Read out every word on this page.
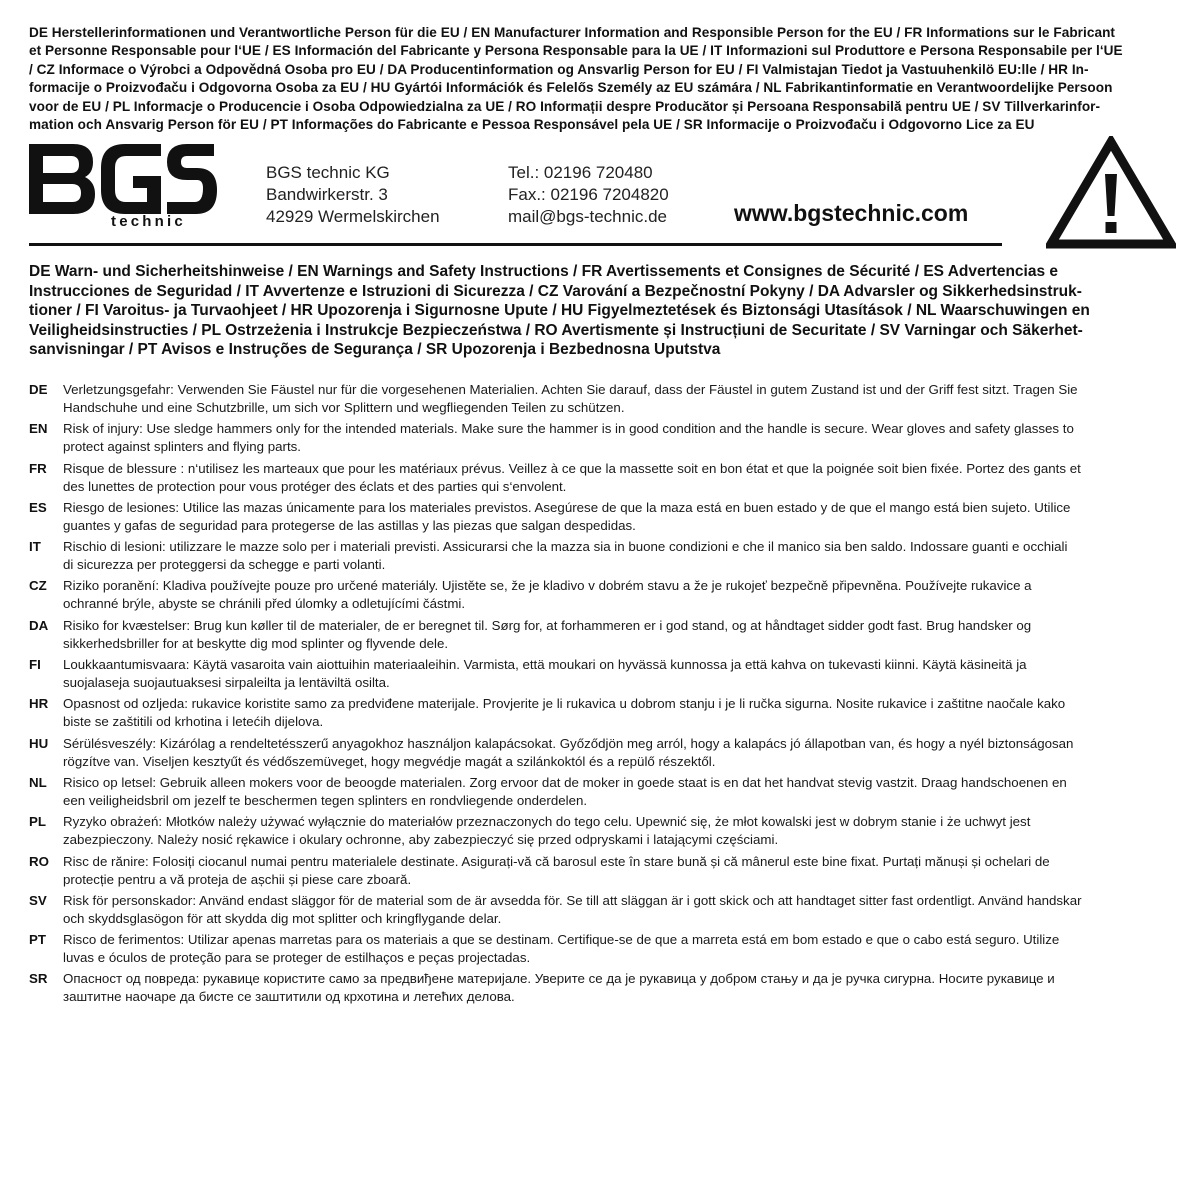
DE Herstellerinformationen und Verantwortliche Person für die EU / EN Manufacturer Information and Responsible Person for the EU / FR Informations sur le Fabricant
et Personne Responsable pour l‘UE / ES Información del Fabricante y Persona Responsable para la UE / IT Informazioni sul Produttore e Persona Responsabile per l‘UE
/ CZ Informace o Výrobci a Odpovědná Osoba pro EU / DA Producentinformation og Ansvarlig Person for EU / FI Valmistajan Tiedot ja Vastuuhenkilö EU:lle / HR In-
formacije o Proizvođaču i Odgovorna Osoba za EU / HU Gyártói Információk és Felelős Személy az EU számára / NL Fabrikantinformatie en Verantwoordelijke Persoon
voor de EU / PL Informacje o Producencie i Osoba Odpowiedzialna za UE / RO Informații despre Producător și Persoana Responsabilă pentru UE / SV Tillverkarinfor-
mation och Ansvarig Person för EU / PT Informações do Fabricante e Pessoa Responsável pela UE / SR Informacije o Proizvođaču i Odgovorno Lice za EU
technic
®
BGS technic KG
Bandwirkerstr. 3
42929 Wermelskirchen
Tel.: 02196 720480
Fax.: 02196 7204820
mail@bgs-technic.de	www.bgstechnic.com
DE Warn- und Sicherheitshinweise / EN Warnings and Safety Instructions / FR Avertissements et Consignes de Sécurité / ES Advertencias e
Instrucciones de Seguridad / IT Avvertenze e Istruzioni di Sicurezza / CZ Varování a Bezpečnostní Pokyny / DA Advarsler og Sikkerhedsinstruk-
tioner / FI Varoitus- ja Turvaohjeet / HR Upozorenja i Sigurnosne Upute / HU Figyelmeztetések és Biztonsági Utasítások / NL Waarschuwingen en
Veiligheidsinstructies / PL Ostrzeżenia i Instrukcje Bezpieczeństwa / RO Avertismente și Instrucțiuni de Securitate / SV Varningar och Säkerhet-
sanvisningar / PT Avisos e Instruções de Segurança / SR Upozorenja i Bezbednosna Uputstva
DE	Verletzungsgefahr: Verwenden Sie Fäustel nur für die vorgesehenen Materialien. Achten Sie darauf, dass der Fäustel in gutem Zustand ist und der Griff fest sitzt. Tragen Sie
Handschuhe und eine Schutzbrille, um sich vor Splittern und wegfliegenden Teilen zu schützen.
EN	Risk of injury: Use sledge hammers only for the intended materials. Make sure the hammer is in good condition and the handle is secure. Wear gloves and safety glasses to
protect against splinters and flying parts.
FR	Risque de blessure : n‘utilisez les marteaux que pour les matériaux prévus. Veillez à ce que la massette soit en bon état et que la poignée soit bien fixée. Portez des gants et
des lunettes de protection pour vous protéger des éclats et des parties qui s‘envolent.
ES	Riesgo de lesiones: Utilice las mazas únicamente para los materiales previstos. Asegúrese de que la maza está en buen estado y de que el mango está bien sujeto. Utilice
guantes y gafas de seguridad para protegerse de las astillas y las piezas que salgan despedidas.
IT	Rischio di lesioni: utilizzare le mazze solo per i materiali previsti. Assicurarsi che la mazza sia in buone condizioni e che il manico sia ben saldo. Indossare guanti e occhiali
di sicurezza per proteggersi da schegge e parti volanti.
CZ	Riziko poranění: Kladiva používejte pouze pro určené materiály. Ujistěte se, že je kladivo v dobrém stavu a že je rukojeť bezpečně připevněna. Používejte rukavice a
ochranné brýle, abyste se chránili před úlomky a odletujícími částmi.
DA	Risiko for kvæstelser: Brug kun køller til de materialer, de er beregnet til. Sørg for, at forhammeren er i god stand, og at håndtaget sidder godt fast. Brug handsker og
sikkerhedsbriller for at beskytte dig mod splinter og flyvende dele.
FI	Loukkaantumisvaara: Käytä vasaroita vain aiottuihin materiaaleihin. Varmista, että moukari on hyvässä kunnossa ja että kahva on tukevasti kiinni. Käytä käsineitä ja
suojalaseja suojautuaksesi sirpaleilta ja lentäviltä osilta.
HR	Opasnost od ozljeda: rukavice koristite samo za predviđene materijale. Provjerite je li rukavica u dobrom stanju i je li ručka sigurna. Nosite rukavice i zaštitne naočale kako
biste se zaštitili od krhotina i letećih dijelova.
HU	Sérülésveszély: Kizárólag a rendeltetésszerű anyagokhoz használjon kalapácsokat. Győződjön meg arról, hogy a kalapács jó állapotban van, és hogy a nyél biztonságosan
rögzítve van. Viseljen kesztyűt és védőszemüveget, hogy megvédje magát a szilánkoktól és a repülő részektől.
NL	Risico op letsel: Gebruik alleen mokers voor de beoogde materialen. Zorg ervoor dat de moker in goede staat is en dat het handvat stevig vastzit. Draag handschoenen en
een veiligheidsbril om jezelf te beschermen tegen splinters en rondvliegende onderdelen.
PL	Ryzyko obrażeń: Młotków należy używać wyłącznie do materiałów przeznaczonych do tego celu. Upewnić się, że młot kowalski jest w dobrym stanie i że uchwyt jest
zabezpieczony. Należy nosić rękawice i okulary ochronne, aby zabezpieczyć się przed odpryskami i latającymi częściami.
RO	Risc de rănire: Folosiți ciocanul numai pentru materialele destinate. Asigurați-vă că barosul este în stare bună și că mânerul este bine fixat. Purtați mănuși și ochelari de
protecție pentru a vă proteja de așchii și piese care zboară.
SV	Risk för personskador: Använd endast släggor för de material som de är avsedda för. Se till att släggan är i gott skick och att handtaget sitter fast ordentligt. Använd handskar
och skyddsglasögon för att skydda dig mot splitter och kringflygande delar.
PT	Risco de ferimentos: Utilizar apenas marretas para os materiais a que se destinam. Certifique-se de que a marreta está em bom estado e que o cabo está seguro. Utilize
luvas e óculos de proteção para se proteger de estilhaços e peças projectadas.
SR	Опасност од повреда: рукавице користите само за предвиђене материјале. Уверите се да је рукавица у добром стању и да је ручка сигурна. Носите рукавице и
заштитне наочаре да бисте се заштитили од крхотина и летећих делова.
